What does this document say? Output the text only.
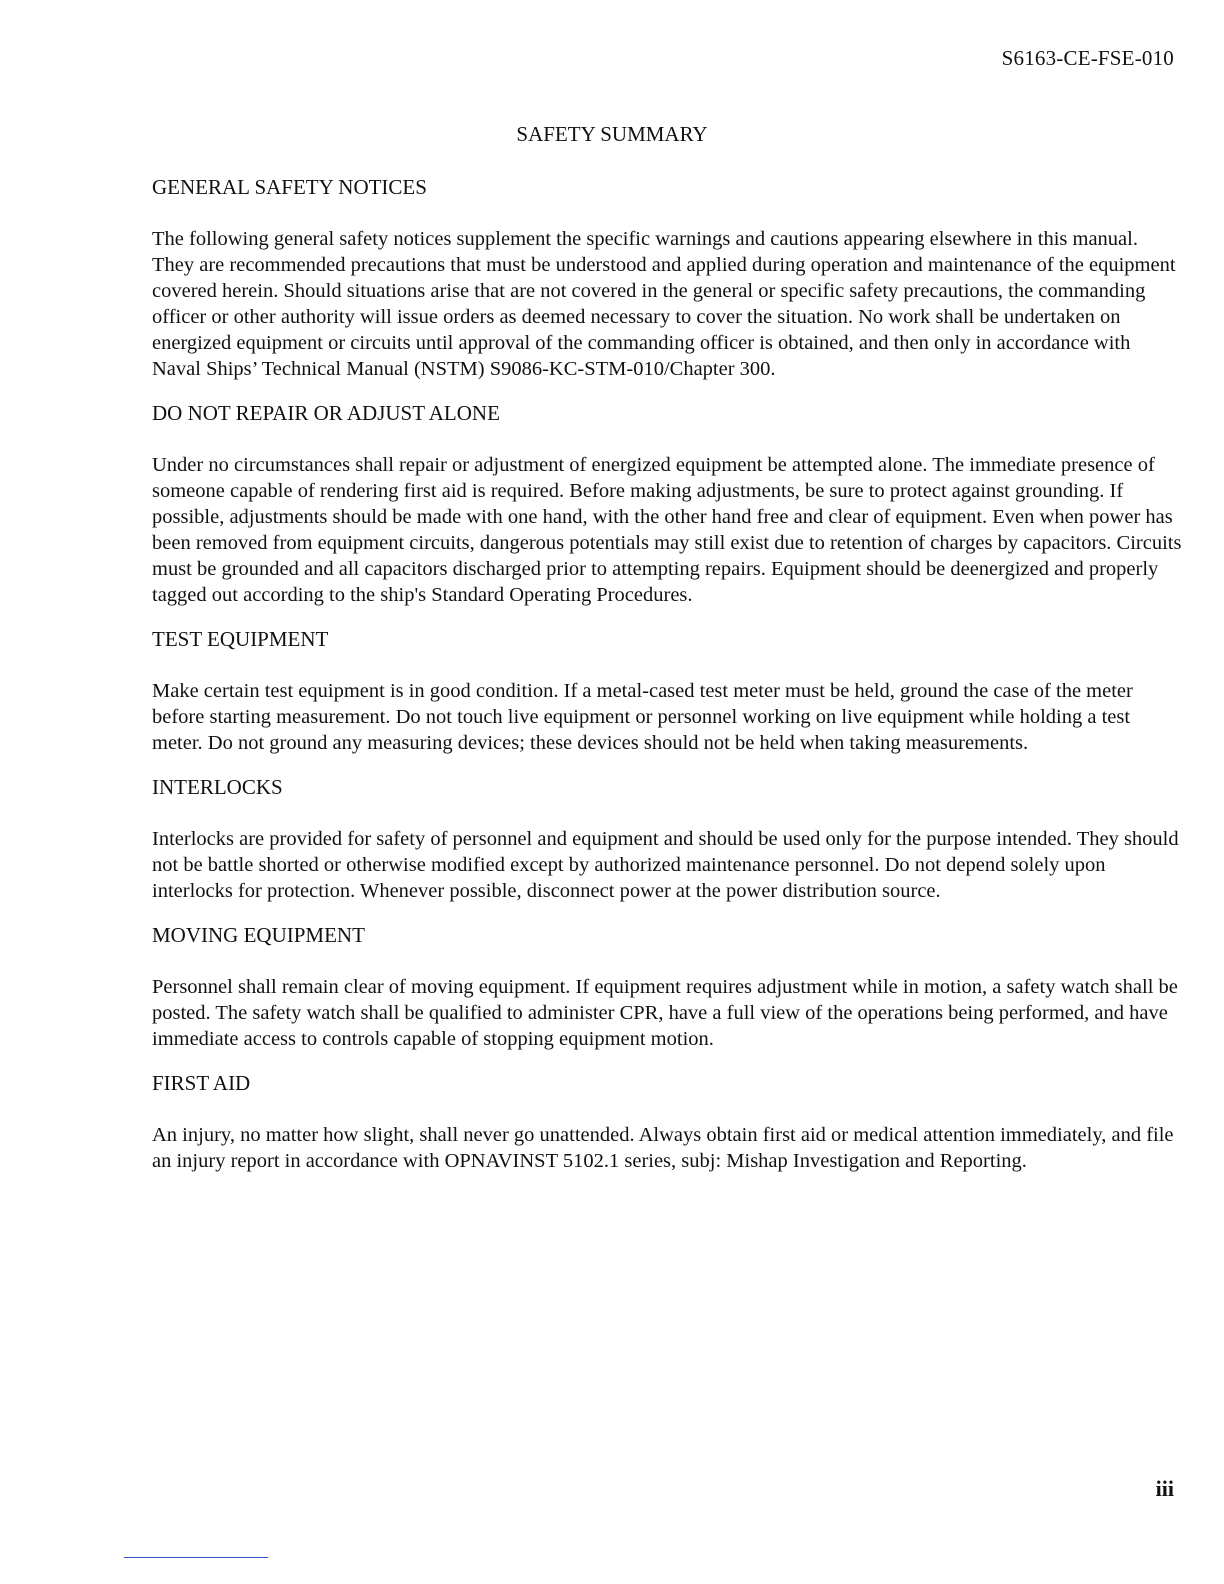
S6163-CE-FSE-010
SAFETY SUMMARY
GENERAL SAFETY NOTICES

The following general safety notices supplement the specific warnings and cautions appearing elsewhere in this manual. They are recommended precautions that must be understood and applied during operation and maintenance of the equipment covered herein. Should situations arise that are not covered in the general or specific safety precautions, the commanding officer or other authority will issue orders as deemed necessary to cover the situation. No work shall be undertaken on energized equipment or circuits until approval of the commanding officer is obtained, and then only in accordance with Naval Ships’ Technical Manual (NSTM) S9086-KC-STM-010/Chapter 300.

DO NOT REPAIR OR ADJUST ALONE

Under no circumstances shall repair or adjustment of energized equipment be attempted alone. The immediate presence of someone capable of rendering first aid is required. Before making adjustments, be sure to protect against grounding. If possible, adjustments should be made with one hand, with the other hand free and clear of equipment. Even when power has been removed from equipment circuits, dangerous potentials may still exist due to retention of charges by capacitors. Circuits must be grounded and all capacitors discharged prior to attempting repairs. Equipment should be deenergized and properly tagged out according to the ship's Standard Operating Procedures.

TEST EQUIPMENT

Make certain test equipment is in good condition. If a metal-cased test meter must be held, ground the case of the meter before starting measurement. Do not touch live equipment or personnel working on live equipment while holding a test meter. Do not ground any measuring devices; these devices should not be held when taking measurements.

INTERLOCKS

Interlocks are provided for safety of personnel and equipment and should be used only for the purpose intended. They should not be battle shorted or otherwise modified except by authorized maintenance personnel. Do not depend solely upon interlocks for protection. Whenever possible, disconnect power at the power distribution source.

MOVING EQUIPMENT

Personnel shall remain clear of moving equipment. If equipment requires adjustment while in motion, a safety watch shall be posted. The safety watch shall be qualified to administer CPR, have a full view of the operations being performed, and have immediate access to controls capable of stopping equipment motion.

FIRST AID

An injury, no matter how slight, shall never go unattended. Always obtain first aid or medical attention immediately, and file an injury report in accordance with OPNAVINST 5102.1 series, subj: Mishap Investigation and Reporting.

iii
